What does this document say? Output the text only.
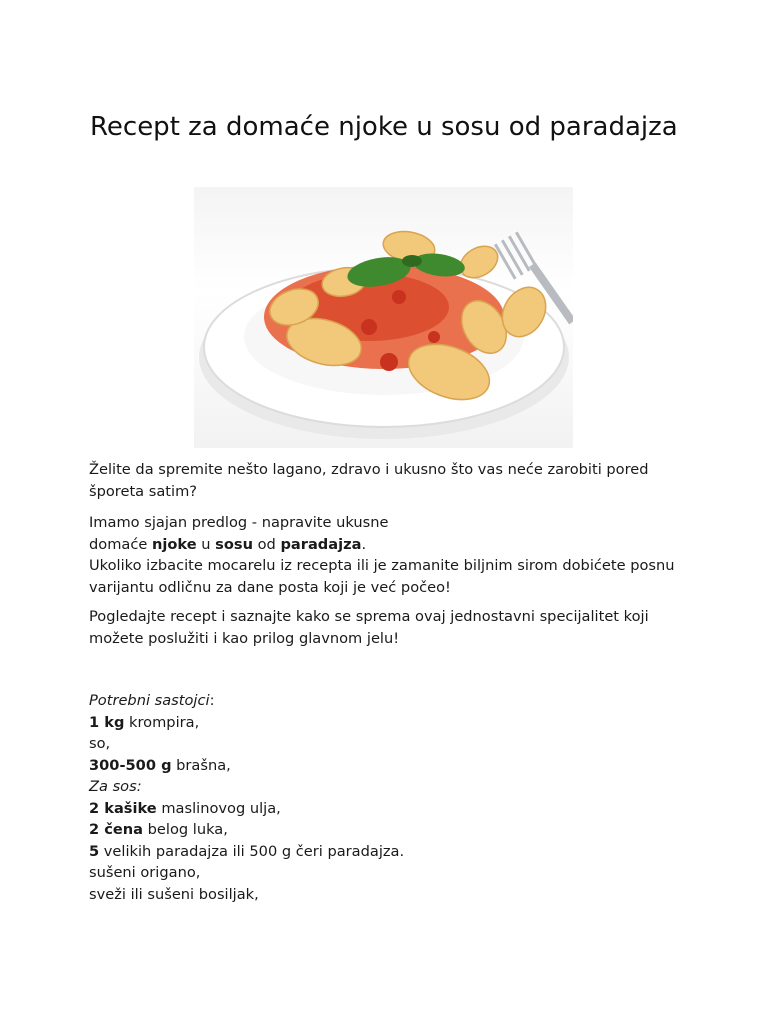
Recept za domaće njoke u sosu od paradajza

Želite da spremite nešto lagano, zdravo i ukusno što vas neće zarobiti pored šporeta satim?

Imamo sjajan predlog - napravite ukusne

domaće njoke u sosu od paradajza.

Ukoliko izbacite mocarelu iz recepta ili je zamanite biljnim sirom dobićete posnu varijantu odličnu za dane posta koji je već počeo!

Pogledajte recept i saznajte kako se sprema ovaj jednostavni specijalitet koji možete poslužiti i kao prilog glavnom jelu!

Potrebni sastojci:

1 kg krompira,

so,

300-500 g brašna,

Za sos:

2 kašike maslinovog ulja,

2 čena belog luka,

5 velikih paradajza ili 500 g čeri paradajza.

sušeni origano,

sveži ili sušeni bosiljak,
